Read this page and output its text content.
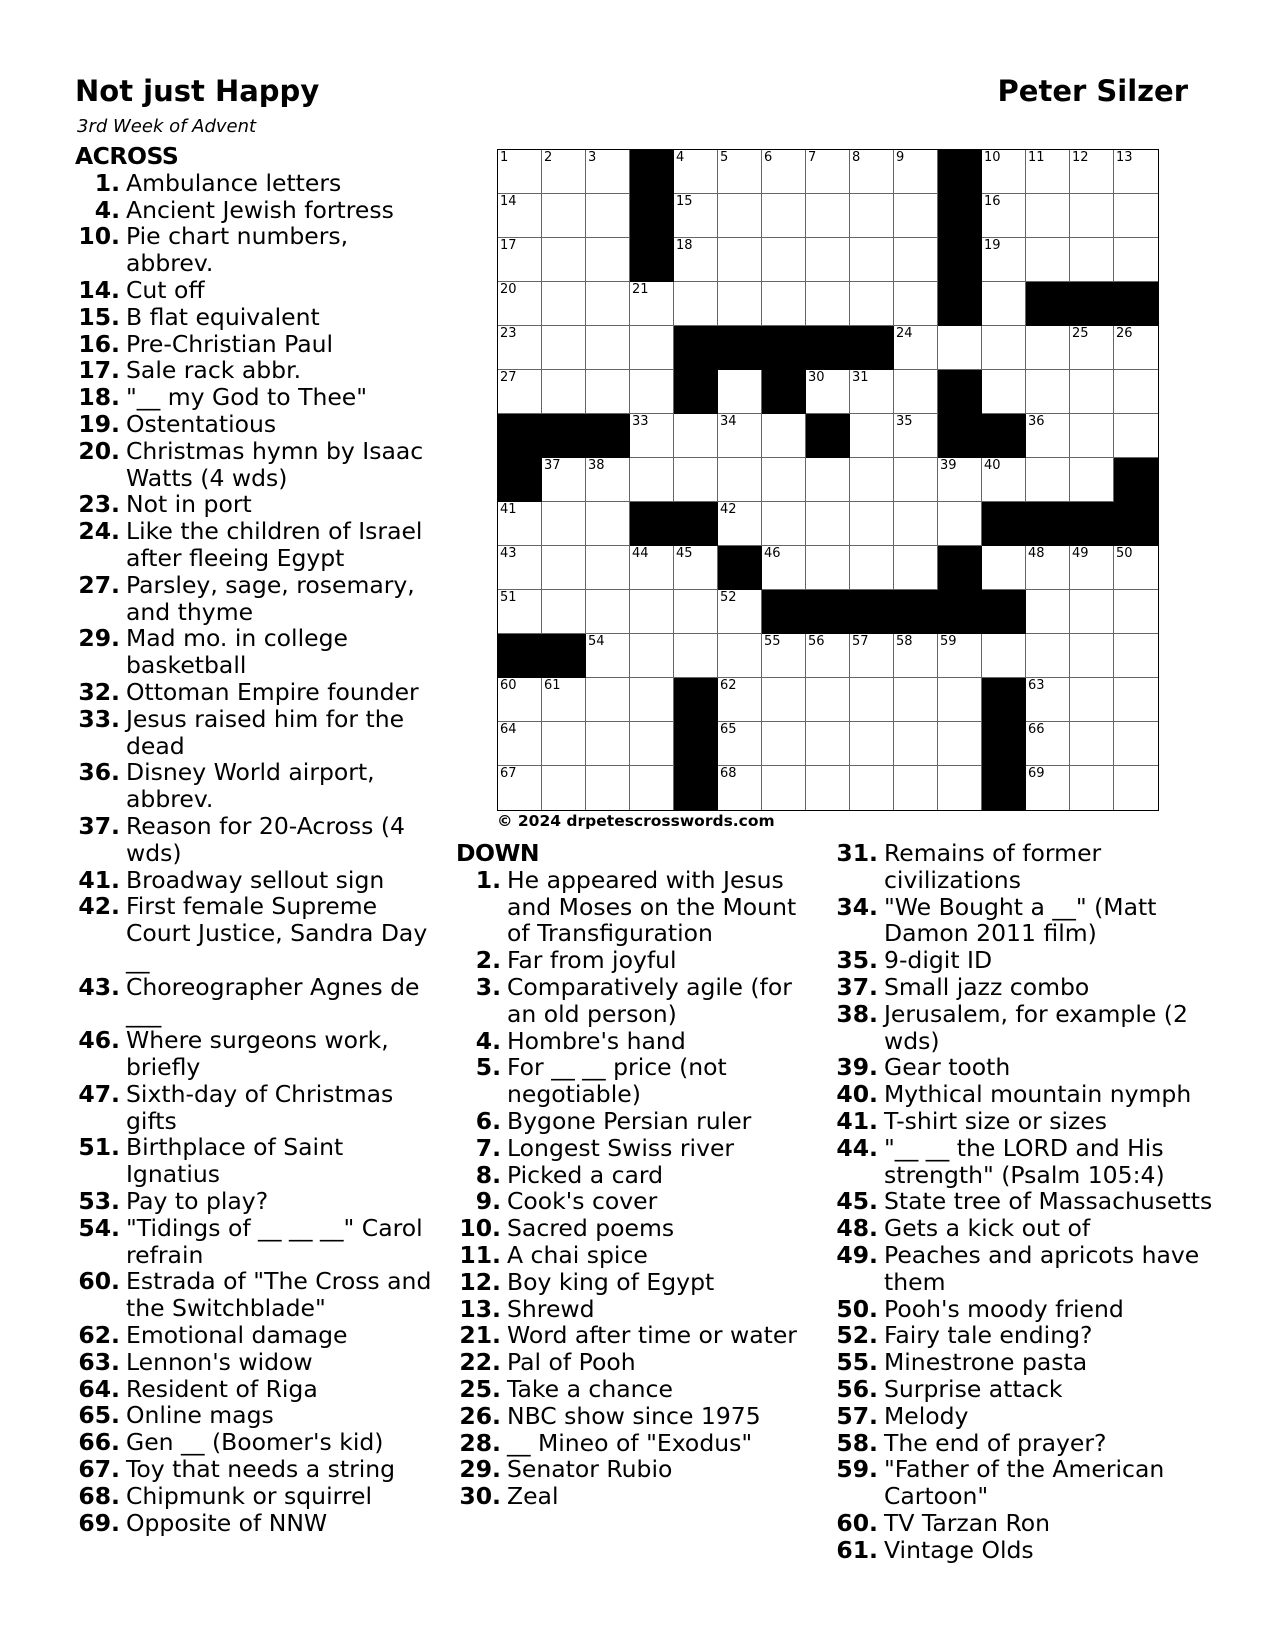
Not just Happy	Peter Silzer
3rd Week of Advent
ACROSS
1. Ambulance letters
4. Ancient Jewish fortress
10. Pie chart numbers, abbrev.
14. Cut off
15. B flat equivalent
16. Pre-Christian Paul
17. Sale rack abbr.
18. "__ my God to Thee"
19. Ostentatious
20. Christmas hymn by Isaac Watts (4 wds)
23. Not in port
24. Like the children of Israel after fleeing Egypt
27. Parsley, sage, rosemary, and thyme
29. Mad mo. in college basketball
32. Ottoman Empire founder
33. Jesus raised him for the dead
36. Disney World airport, abbrev.
37. Reason for 20-Across (4 wds)
41. Broadway sellout sign
42. First female Supreme Court Justice, Sandra Day __
43. Choreographer Agnes de ___
46. Where surgeons work, briefly
47. Sixth-day of Christmas gifts
51. Birthplace of Saint Ignatius
53. Pay to play?
54. "Tidings of __ __ __" Carol refrain
60. Estrada of "The Cross and the Switchblade"
62. Emotional damage
63. Lennon's widow
64. Resident of Riga
65. Online mags
66. Gen __ (Boomer's kid)
67. Toy that needs a string
68. Chipmunk or squirrel
69. Opposite of NNW
1	2	3	4	5	6	7	8	9	10 11 12 13
14	15	16
17	18	19
20	21
23	24	25 26
27	30 31
33	34	35	36
37 38	39 40
41	42
43	44 45	46	48 49 50
51	52
54	55 56 57 58 59
60 61	62	63
64	65	66
67	68	69
© 2024 drpetescrosswords.com
DOWN
1. He appeared with Jesus and Moses on the Mount of Transfiguration
2. Far from joyful
3. Comparatively agile (for an old person)
4. Hombre's hand
5. For __ __ price (not negotiable)
6. Bygone Persian ruler
7. Longest Swiss river
8. Picked a card
9. Cook's cover
10. Sacred poems
11. A chai spice
12. Boy king of Egypt
13. Shrewd
21. Word after time or water
22. Pal of Pooh
25. Take a chance
26. NBC show since 1975
28. __ Mineo of "Exodus"
29. Senator Rubio
30. Zeal
31. Remains of former civilizations
34. "We Bought a __" (Matt Damon 2011 film)
35. 9-digit ID
37. Small jazz combo
38. Jerusalem, for example (2 wds)
39. Gear tooth
40. Mythical mountain nymph
41. T-shirt size or sizes
44. "__ __ the LORD and His strength" (Psalm 105:4)
45. State tree of Massachusetts
48. Gets a kick out of
49. Peaches and apricots have them
50. Pooh's moody friend
52. Fairy tale ending?
55. Minestrone pasta
56. Surprise attack
57. Melody
58. The end of prayer?
59. "Father of the American Cartoon"
60. TV Tarzan Ron
61. Vintage Olds
